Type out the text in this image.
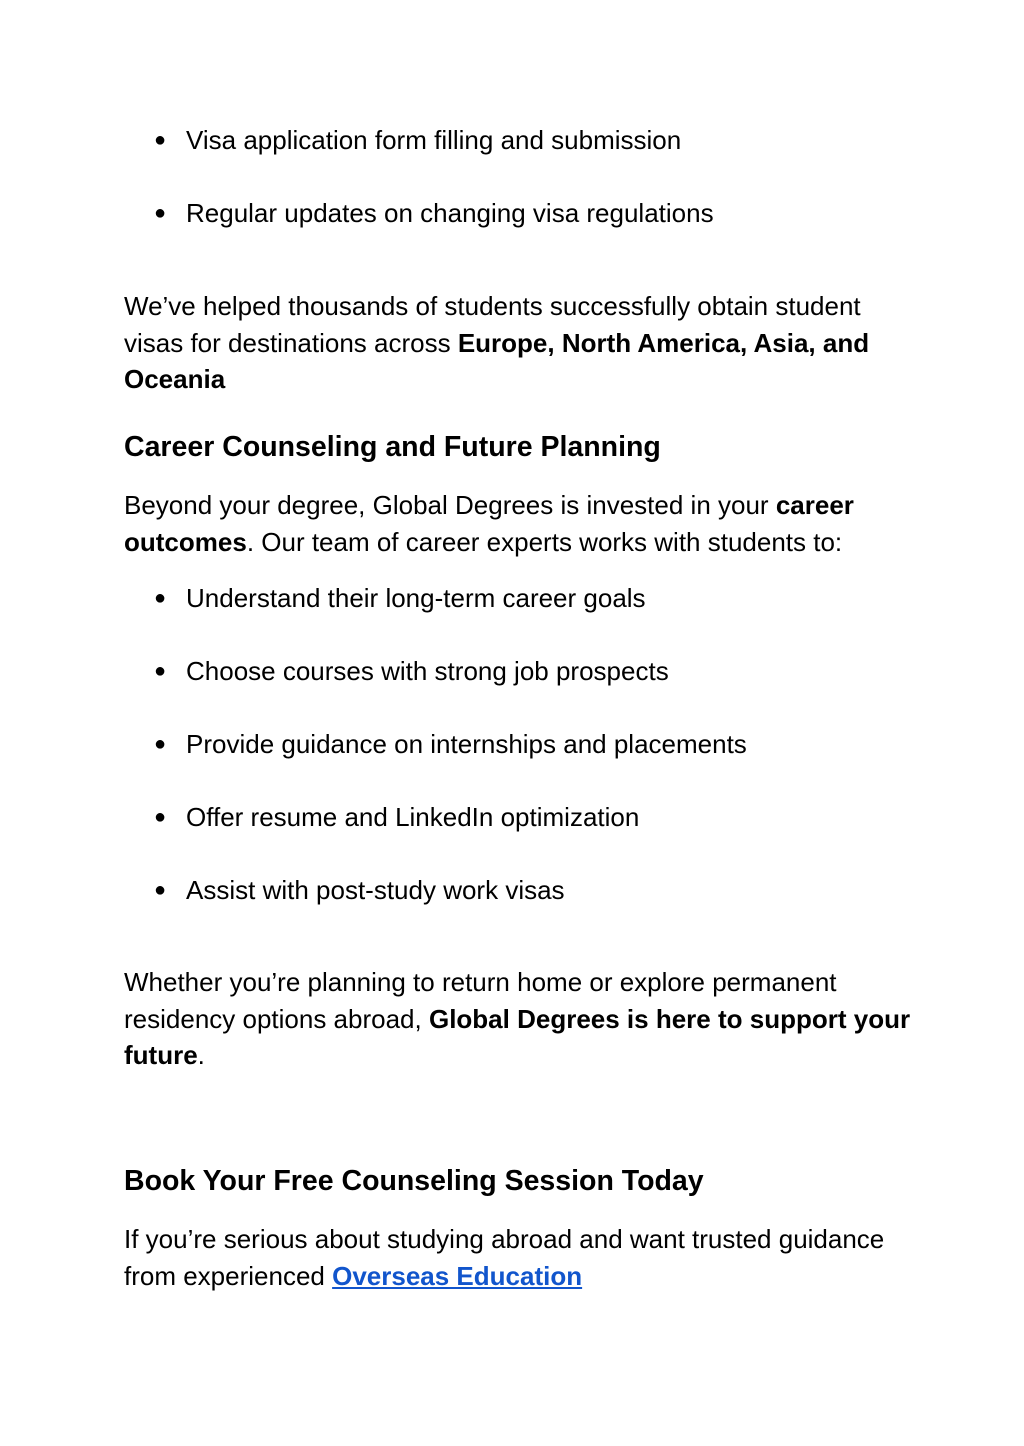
● Visa application form filling and submission
● Regular updates on changing visa regulations

We’ve helped thousands of students successfully obtain student visas for destinations across Europe, North America, Asia, and Oceania

Career Counseling and Future Planning

Beyond your degree, Global Degrees is invested in your career outcomes. Our team of career experts works with students to:

● Understand their long-term career goals
● Choose courses with strong job prospects
● Provide guidance on internships and placements
● Offer resume and LinkedIn optimization
● Assist with post-study work visas

Whether you’re planning to return home or explore permanent residency options abroad, Global Degrees is here to support your future.

Book Your Free Counseling Session Today

If you’re serious about studying abroad and want trusted guidance from experienced Overseas Education
